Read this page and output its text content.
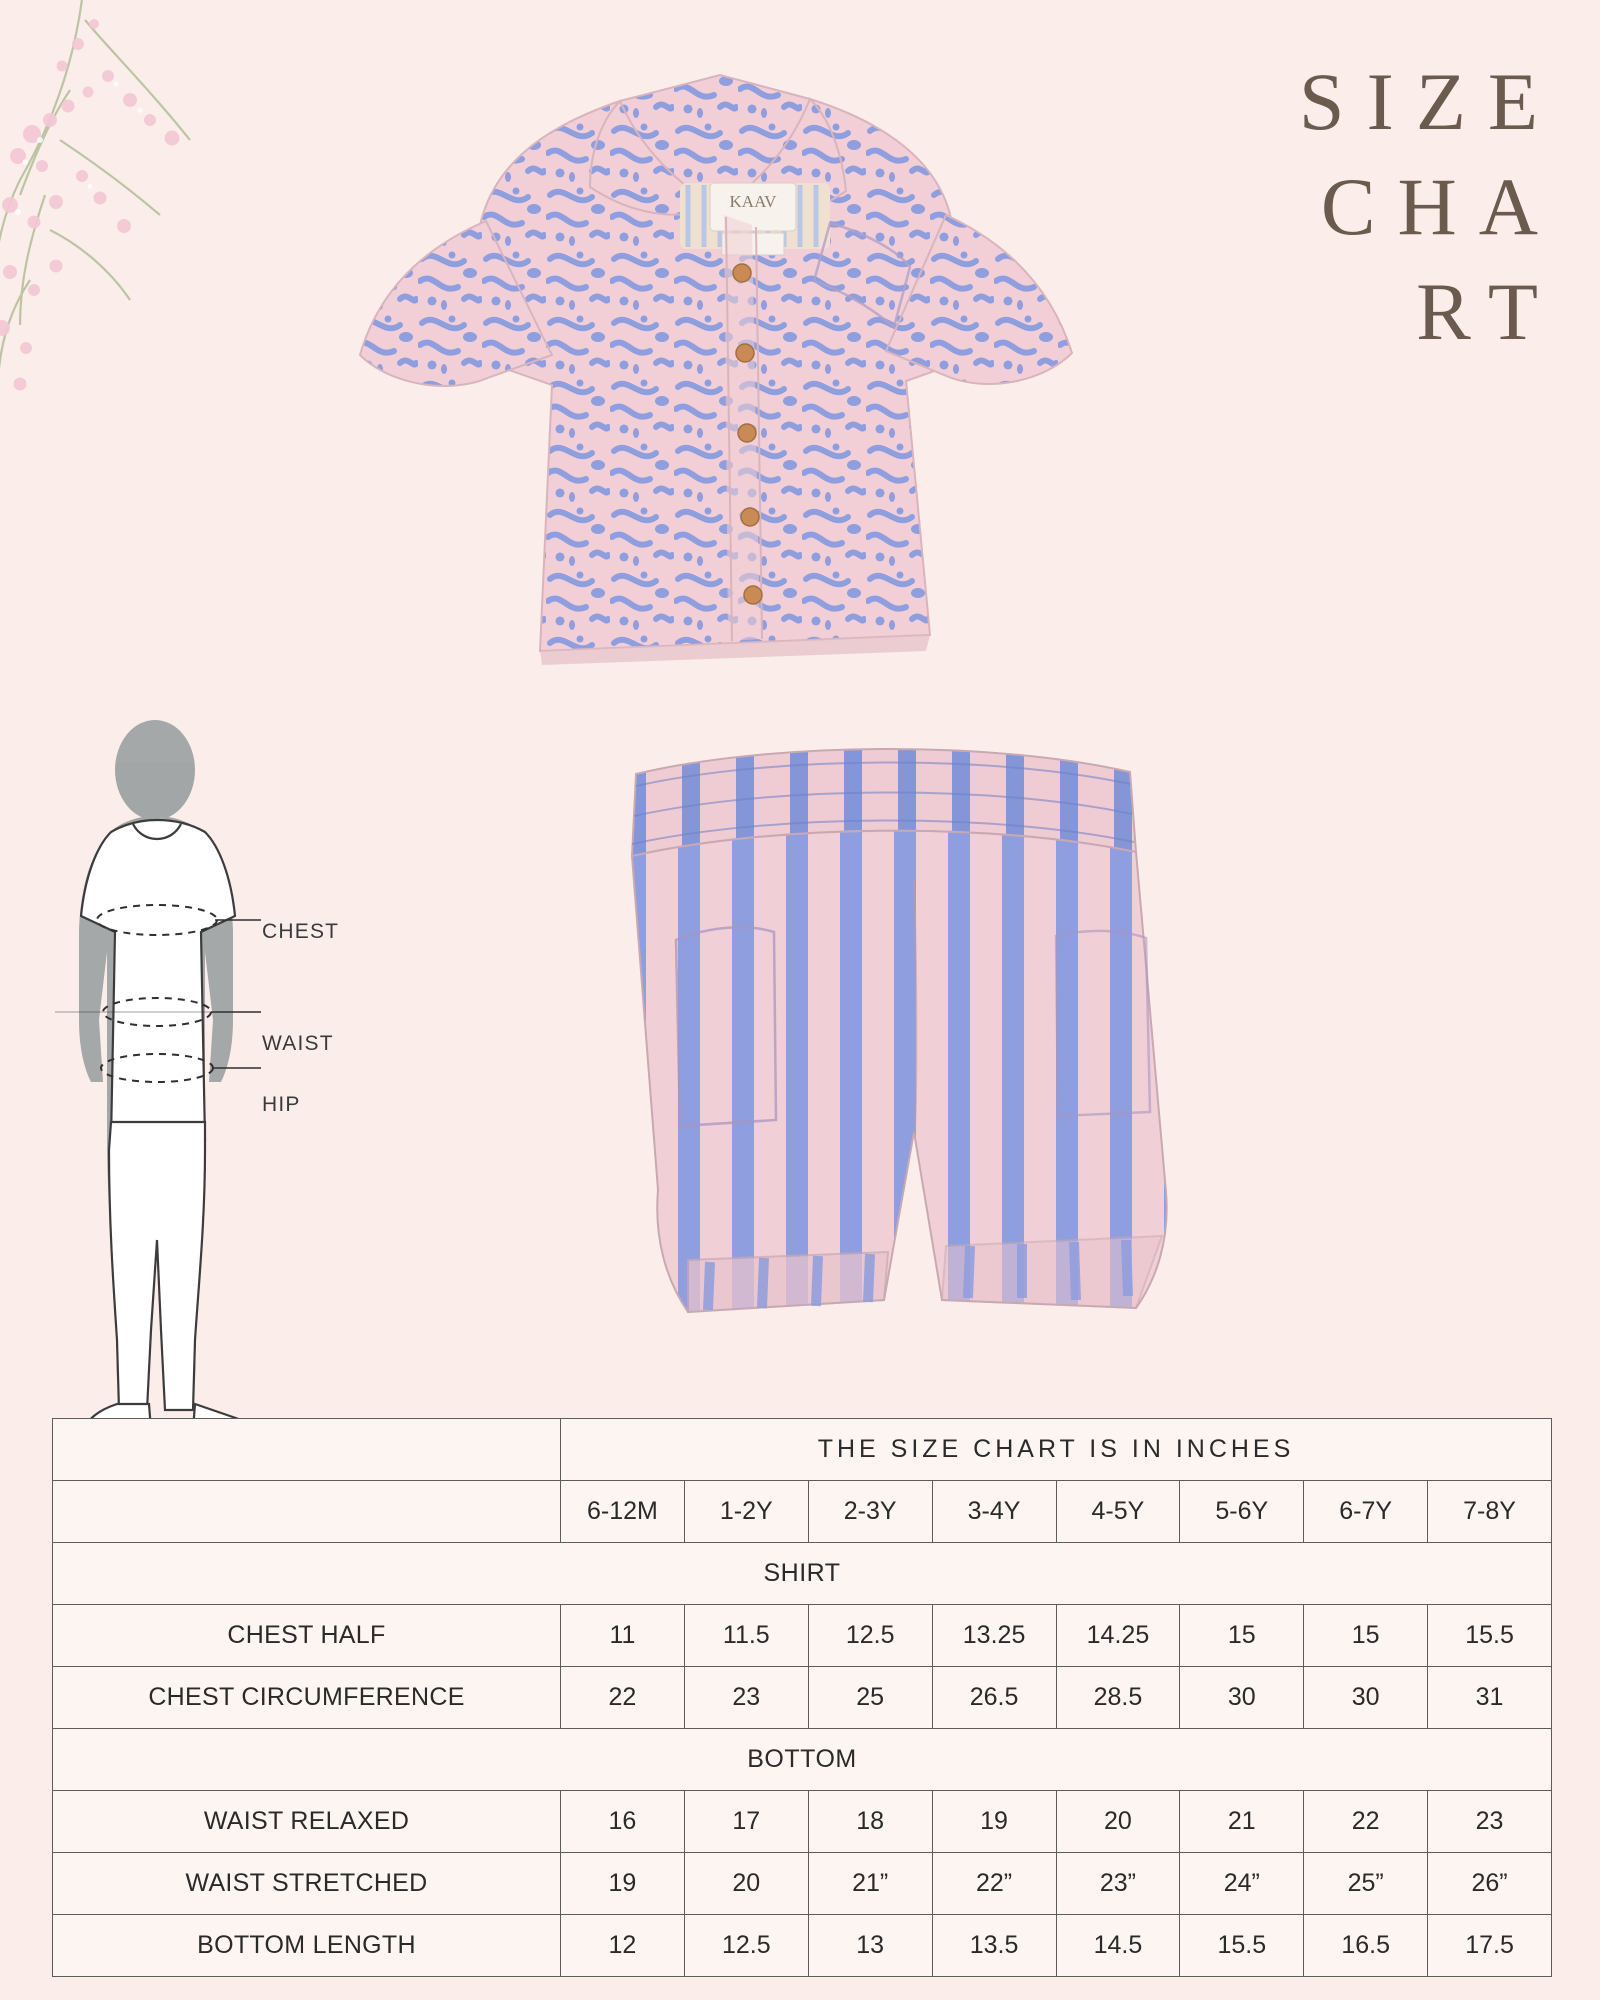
SIZE
CHA
RT
KAAV
CHEST
WAIST
HIP
	THE SIZE CHART IS IN INCHES							
	6-12M	1-2Y	2-3Y	3-4Y	4-5Y	5-6Y	6-7Y	7-8Y
SHIRT								
CHEST HALF	11	11.5	12.5	13.25	14.25	15	15	15.5
CHEST CIRCUMFERENCE	22	23	25	26.5	28.5	30	30	31
BOTTOM								
WAIST RELAXED	16	17	18	19	20	21	22	23
WAIST STRETCHED	19	20	21”	22”	23”	24”	25”	26”
BOTTOM LENGTH	12	12.5	13	13.5	14.5	15.5	16.5	17.5
